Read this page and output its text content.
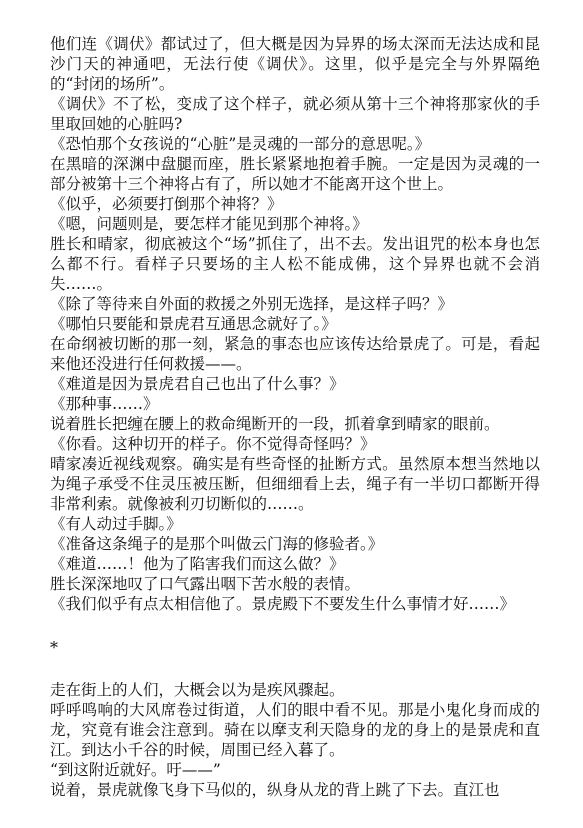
他们连《调伏》都试过了，但大概是因为异界的场太深而无法达成和昆沙门天的神通吧，无法行使《调伏》。这里，似乎是完全与外界隔绝的“封闭的场所”。

《调伏》不了松，变成了这个样子，就必须从第十三个神将那家伙的手里取回她的心脏吗?

《恐怕那个女孩说的“心脏”是灵魂的一部分的意思呢。》

在黑暗的深渊中盘腿而座，胜长紧紧地抱着手腕。一定是因为灵魂的一部分被第十三个神将占有了，所以她才不能离开这个世上。

《似乎，必须要打倒那个神将？》

《嗯，问题则是，要怎样才能见到那个神将。》

胜长和晴家，彻底被这个“场”抓住了，出不去。发出诅咒的松本身也怎么都不行。看样子只要场的主人松不能成佛，这个异界也就不会消失……。

《除了等待来自外面的救援之外别无选择，是这样子吗？》

《哪怕只要能和景虎君互通思念就好了。》

在命纲被切断的那一刻，紧急的事态也应该传达给景虎了。可是，看起来他还没进行任何救援——。

《难道是因为景虎君自己也出了什么事？》

《那种事……》

说着胜长把缠在腰上的救命绳断开的一段，抓着拿到晴家的眼前。

《你看。这种切开的样子。你不觉得奇怪吗？》

晴家凑近视线观察。确实是有些奇怪的扯断方式。虽然原本想当然地以为绳子承受不住灵压被压断，但细细看上去，绳子有一半切口都断开得非常利索。就像被利刃切断似的……。

《有人动过手脚。》

《准备这条绳子的是那个叫做云门海的修验者。》

《难道……！他为了陷害我们而这么做？》

胜长深深地叹了口气露出咽下苦水般的表情。

《我们似乎有点太相信他了。景虎殿下不要发生什么事情才好……》

*

走在街上的人们，大概会以为是疾风骤起。

呼呼鸣响的大风席卷过街道，人们的眼中看不见。那是小鬼化身而成的龙，究竟有谁会注意到。骑在以摩支利天隐身的龙的身上的是景虎和直江。到达小千谷的时候，周围已经入暮了。

“到这附近就好。吁——”

说着，景虎就像飞身下马似的，纵身从龙的背上跳了下去。直江也
